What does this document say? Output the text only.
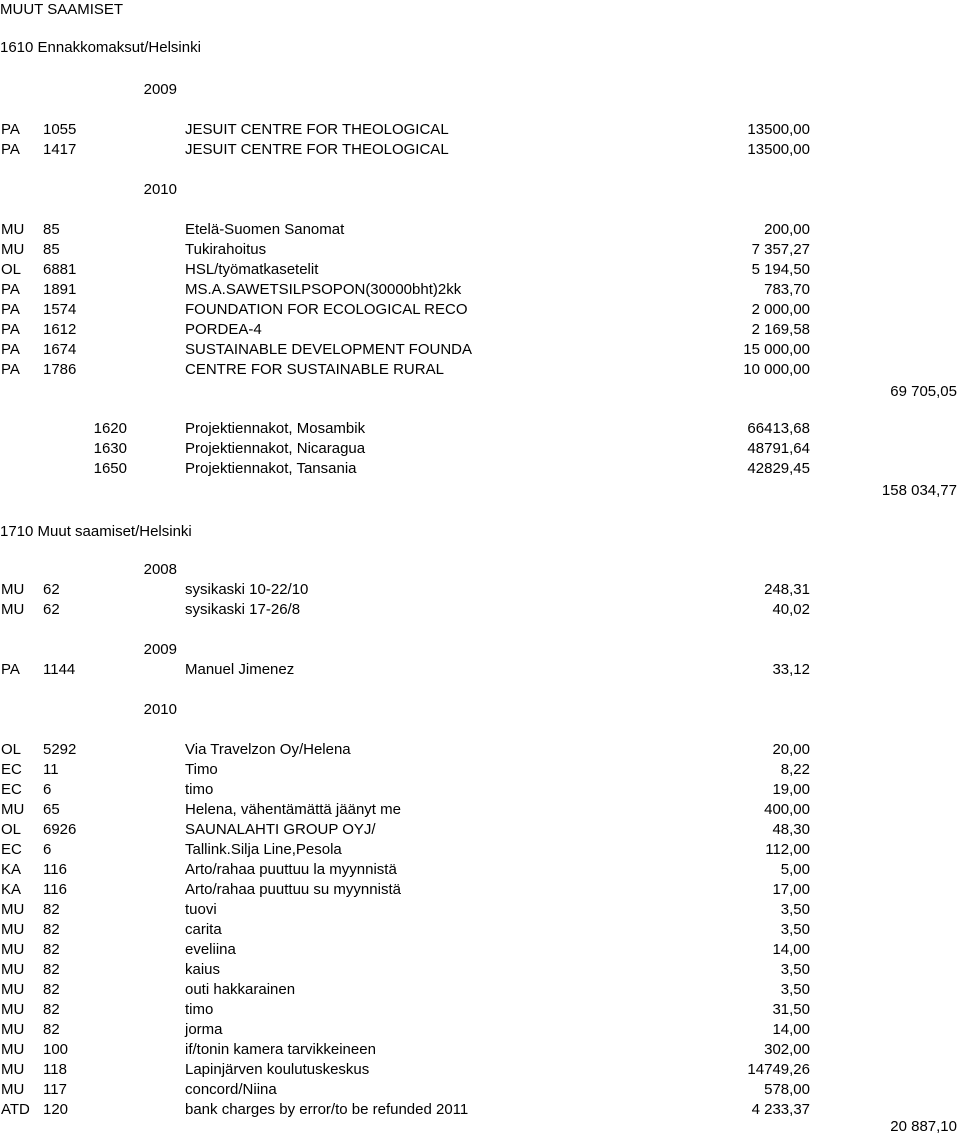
MUUT SAAMISET
1610 Ennakkomaksut/Helsinki
2009
PA	1055	JESUIT CENTRE FOR THEOLOGICAL	13500,00
PA	1417	JESUIT CENTRE FOR THEOLOGICAL	13500,00
2010
MU	85	Etelä-Suomen Sanomat	200,00
MU	85	Tukirahoitus	7 357,27
OL	6881	HSL/työmatkasetelit	5 194,50
PA	1891	MS.A.SAWETSILPSOPON(30000bht)2kk	783,70
PA	1574	FOUNDATION FOR ECOLOGICAL RECO	2 000,00
PA	1612	PORDEA-4	2 169,58
PA	1674	SUSTAINABLE DEVELOPMENT FOUNDA	15 000,00
PA	1786	CENTRE FOR SUSTAINABLE RURAL	10 000,00
69 705,05
1620	Projektiennakot, Mosambik	66413,68
1630	Projektiennakot, Nicaragua	48791,64
1650	Projektiennakot, Tansania	42829,45
158 034,77
1710 Muut saamiset/Helsinki
2008
MU	62	sysikaski 10-22/10	248,31
MU	62	sysikaski 17-26/8	40,02
2009
PA	1144	Manuel Jimenez	33,12
2010
OL	5292	Via Travelzon Oy/Helena	20,00
EC	11	Timo	8,22
EC	6	timo	19,00
MU	65	Helena, vähentämättä jäänyt me	400,00
OL	6926	SAUNALAHTI GROUP OYJ/	48,30
EC	6	Tallink.Silja Line,Pesola	112,00
KA	116	Arto/rahaa puuttuu la myynnistä	5,00
KA	116	Arto/rahaa puuttuu su myynnistä	17,00
MU	82	tuovi	3,50
MU	82	carita	3,50
MU	82	eveliina	14,00
MU	82	kaius	3,50
MU	82	outi hakkarainen	3,50
MU	82	timo	31,50
MU	82	jorma	14,00
MU	100	if/tonin kamera tarvikkeineen	302,00
MU	118	Lapinjärven koulutuskeskus	14749,26
MU	117	concord/Niina	578,00
ATD 120	bank charges by error/to be refunded 2011	4 233,37
20 887,10
